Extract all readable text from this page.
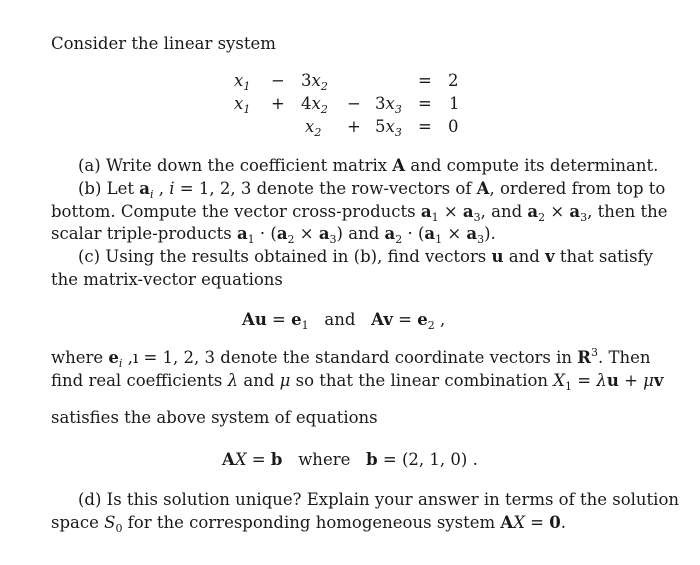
Consider the linear system
$x_1 - 3x_2$	= 2
$x_1 + 4x_2 - 3x_3 = 1$
$x_2 + 5x_3 = 0$
(a) Write down the coefficient matrix A and compute its determinant.
(b) Let $a_i$ , i = 1, 2, 3 denote the row-vectors of A, ordered from top to
bottom. Compute the vector cross-products $a_1 \times a_3$, and $a_2 \times a_3$, then the
scalar triple-products $a_1 \cdot (a_2 \times a_3)$ and $a_2 \cdot (a_1 \times a_3)$.
(c) Using the results obtained in (b), find vectors u and v that satisfy
the matrix-vector equations
$Au = e_1$ and $Av = e_2$ ,
where $e_i$ ,ı = 1, 2, 3 denote the standard coordinate vectors in $R^3$. Then
find real coefficients λ and μ so that the linear combination $X_1 = \lambda u + \mu v$
satisfies the above system of equations
AX = b where b = (2, 1, 0) .
(d) Is this solution unique? Explain your answer in terms of the solution
space $S_0$ for the corresponding homogeneous system AX = 0.
